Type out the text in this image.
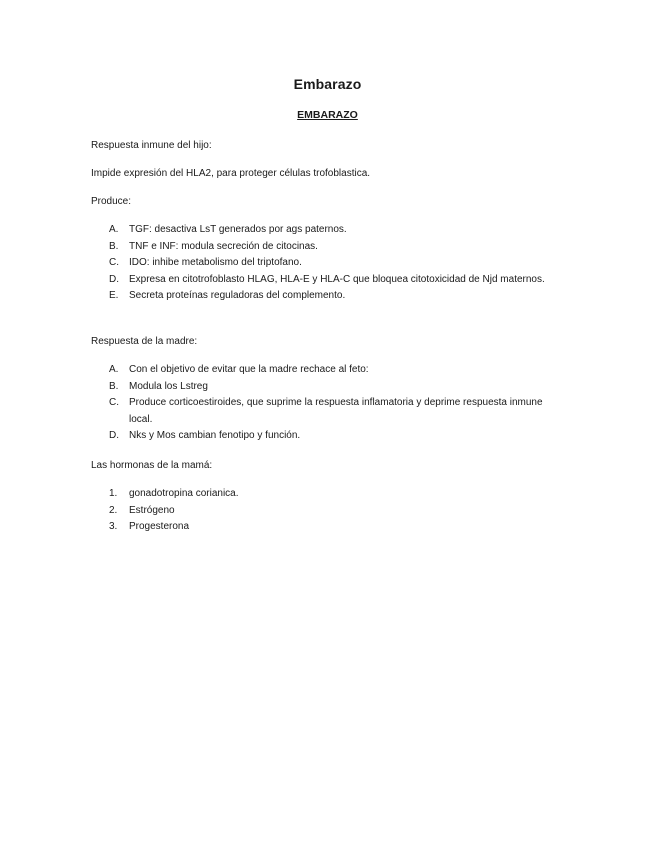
Embarazo
EMBARAZO
Respuesta inmune del hijo:
Impide expresión del HLA2, para proteger células trofoblastica.
Produce:
A. TGF: desactiva LsT generados por ags paternos.
B. TNF e INF: modula secreción de citocinas.
C. IDO: inhibe metabolismo del triptofano.
D. Expresa en citotrofoblasto HLAG, HLA-E y HLA-C que bloquea citotoxicidad de Njd maternos.
E. Secreta proteínas reguladoras del complemento.
Respuesta de la madre:
A. Con el objetivo de evitar que la madre rechace al feto:
B. Modula los Lstreg
C. Produce corticoestiroides, que suprime la respuesta inflamatoria y deprime respuesta inmune local.
D. Nks y Mos cambian fenotipo y función.
Las hormonas de la mamá:
1. gonadotropina corianica.
2. Estrógeno
3. Progesterona
